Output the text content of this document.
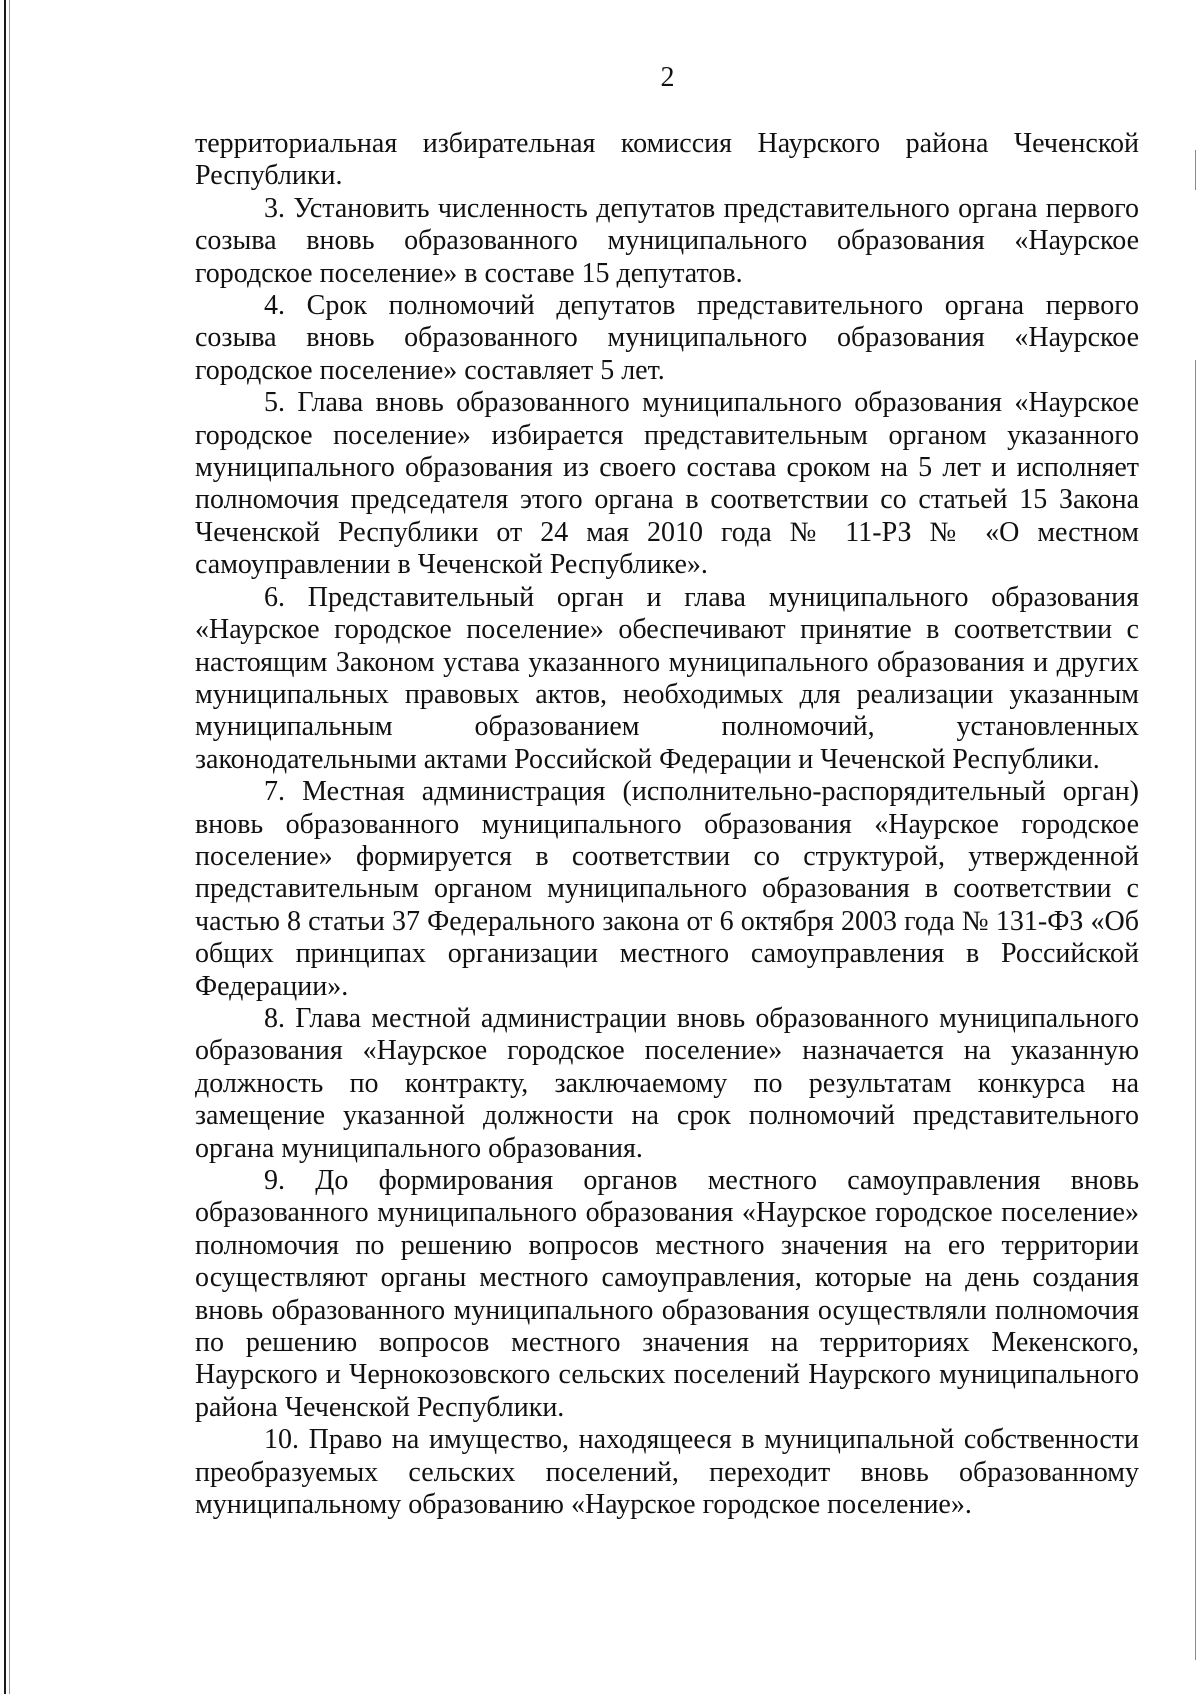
2

территориальная избирательная комиссия Наурского района Чеченской Республики.

3. Установить численность депутатов представительного органа первого созыва вновь образованного муниципального образования «Наурское городское поселение» в составе 15 депутатов.

4. Срок полномочий депутатов представительного органа первого созыва вновь образованного муниципального образования «Наурское городское поселение» составляет 5 лет.

5. Глава вновь образованного муниципального образования «Наурское городское поселение» избирается представительным органом указанного муниципального образования из своего состава сроком на 5 лет и исполняет полномочия председателя этого органа в соответствии со статьей 15 Закона Чеченской Республики от 24 мая 2010 года № 11-РЗ № «О местном самоуправлении в Чеченской Республике».

6. Представительный орган и глава муниципального образования «Наурское городское поселение» обеспечивают принятие в соответствии с настоящим Законом устава указанного муниципального образования и других муниципальных правовых актов, необходимых для реализации указанным муниципальным образованием полномочий, установленных законодательными актами Российской Федерации и Чеченской Республики.

7. Местная администрация (исполнительно-распорядительный орган) вновь образованного муниципального образования «Наурское городское поселение» формируется в соответствии со структурой, утвержденной представительным органом муниципального образования в соответствии с частью 8 статьи 37 Федерального закона от 6 октября 2003 года № 131-ФЗ «Об общих принципах организации местного самоуправления в Российской Федерации».

8. Глава местной администрации вновь образованного муниципального образования «Наурское городское поселение» назначается на указанную должность по контракту, заключаемому по результатам конкурса на замещение указанной должности на срок полномочий представительного органа муниципального образования.

9. До формирования органов местного самоуправления вновь образованного муниципального образования «Наурское городское поселение» полномочия по решению вопросов местного значения на его территории осуществляют органы местного самоуправления, которые на день создания вновь образованного муниципального образования осуществляли полномочия по решению вопросов местного значения на территориях Мекенского, Наурского и Чернокозовского сельских поселений Наурского муниципального района Чеченской Республики.

10. Право на имущество, находящееся в муниципальной собственности преобразуемых сельских поселений, переходит вновь образованному муниципальному образованию «Наурское городское поселение».
